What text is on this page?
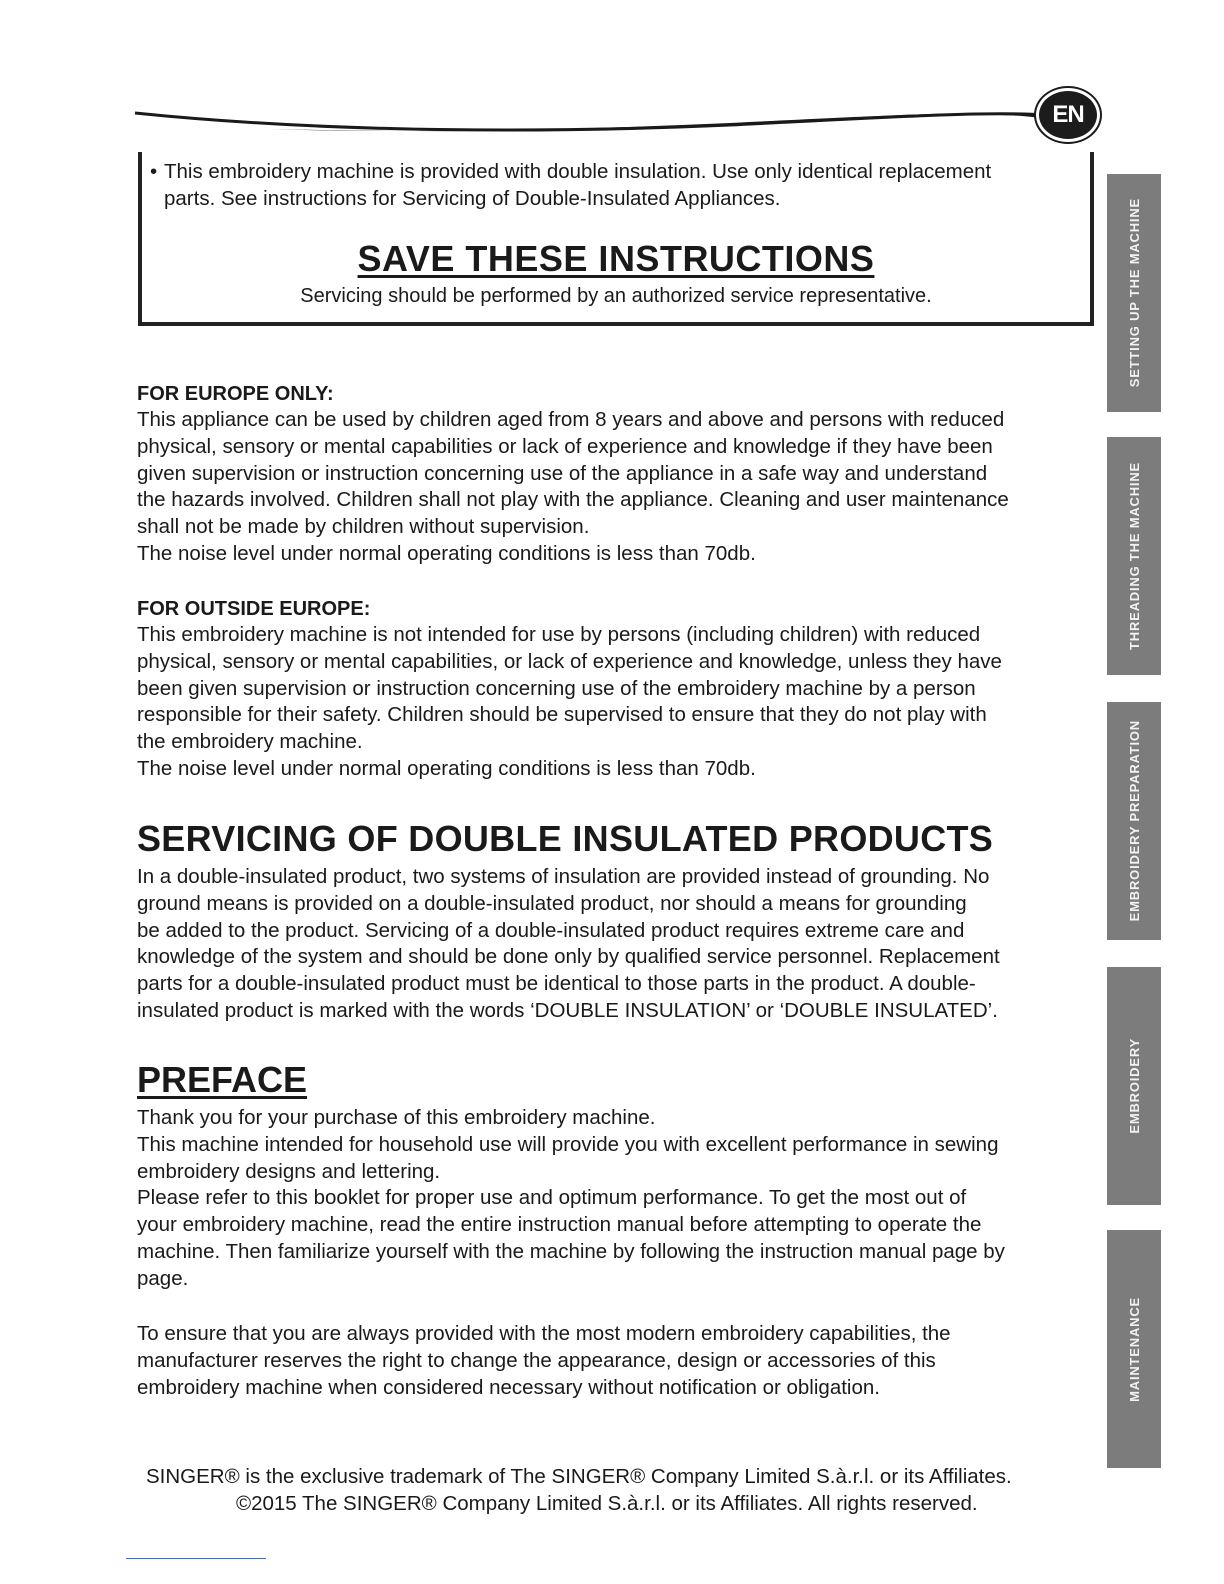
EN
• This embroidery machine is provided with double insulation. Use only identical replacement
parts. See instructions for Servicing of Double-Insulated Appliances.
SAVE THESE INSTRUCTIONS
Servicing should be performed by an authorized service representative.

FOR EUROPE ONLY:

This appliance can be used by children aged from 8 years and above and persons with reduced

physical, sensory or mental capabilities or lack of experience and knowledge if they have been

given supervision or instruction concerning use of the appliance in a safe way and understand

the hazards involved. Children shall not play with the appliance. Cleaning and user maintenance

shall not be made by children without supervision.

The noise level under normal operating conditions is less than 70db.

FOR OUTSIDE EUROPE:

This embroidery machine is not intended for use by persons (including children) with reduced

physical, sensory or mental capabilities, or lack of experience and knowledge, unless they have

been given supervision or instruction concerning use of the embroidery machine by a person

responsible for their safety. Children should be supervised to ensure that they do not play with

the embroidery machine.

The noise level under normal operating conditions is less than 70db.

SERVICING OF DOUBLE INSULATED PRODUCTS

In a double-insulated product, two systems of insulation are provided instead of grounding. No

ground means is provided on a double-insulated product, nor should a means for grounding

be added to the product. Servicing of a double-insulated product requires extreme care and

knowledge of the system and should be done only by qualified service personnel. Replacement

parts for a double-insulated product must be identical to those parts in the product. A double-

insulated product is marked with the words ‘DOUBLE INSULATION’ or ‘DOUBLE INSULATED’.

PREFACE

Thank you for your purchase of this embroidery machine.

This machine intended for household use will provide you with excellent performance in sewing

embroidery designs and lettering.

Please refer to this booklet for proper use and optimum performance. To get the most out of

your embroidery machine, read the entire instruction manual before attempting to operate the

machine. Then familiarize yourself with the machine by following the instruction manual page by

page.

To ensure that you are always provided with the most modern embroidery capabilities, the

manufacturer reserves the right to change the appearance, design or accessories of this

embroidery machine when considered necessary without notification or obligation.

SINGER® is the exclusive trademark of The SINGER® Company Limited S.à.r.l. or its Affiliates.
©2015 The SINGER® Company Limited S.à.r.l. or its Affiliates. All rights reserved.
SETTING UP THE MACHINE
THREADING THE MACHINE
EMBROIDERY PREPARATION
EMBROIDERY
MAINTENANCE
